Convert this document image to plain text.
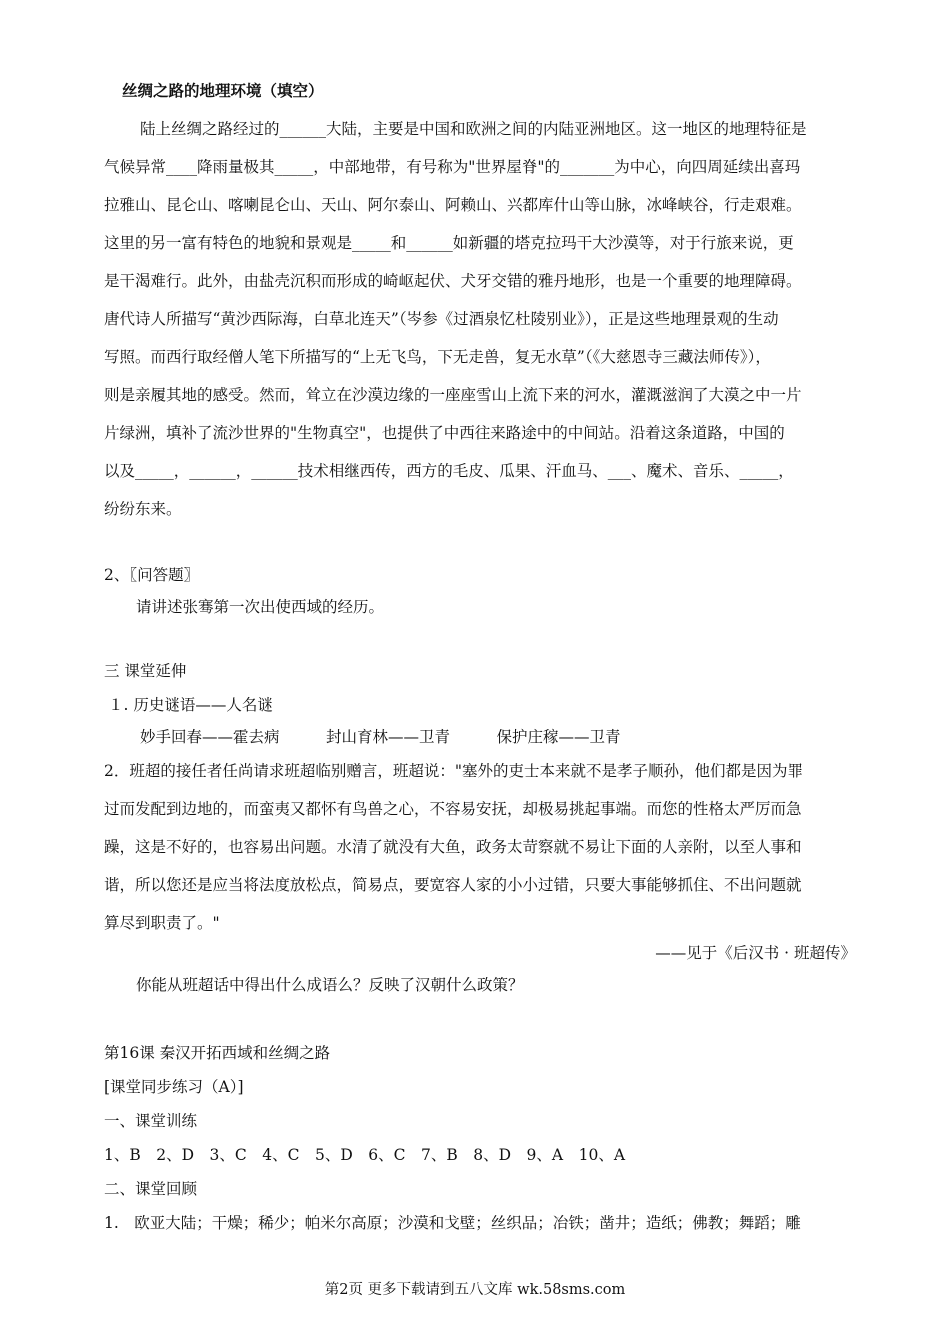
丝绸之路的地理环境（填空）
陆上丝绸之路经过的______大陆，主要是中国和欧洲之间的内陆亚洲地区。这一地区的地理特征是
气候异常____降雨量极其_____，中部地带，有号称为"世界屋脊"的_______为中心，向四周延续出喜玛
拉雅山、昆仑山、喀喇昆仑山、天山、阿尔泰山、阿赖山、兴都库什山等山脉，冰峰峡谷，行走艰难。
这里的另一富有特色的地貌和景观是_____和______如新疆的塔克拉玛干大沙漠等，对于行旅来说，更
是干渴难行。此外，由盐壳沉积而形成的崎岖起伏、犬牙交错的雅丹地形，也是一个重要的地理障碍。
唐代诗人所描写“黄沙西际海，白草北连天”（岑参《过酒泉忆杜陵别业》），正是这些地理景观的生动
写照。而西行取经僧人笔下所描写的“上无飞鸟，下无走兽，复无水草”（《大慈恩寺三藏法师传》），
则是亲履其地的感受。然而，耸立在沙漠边缘的一座座雪山上流下来的河水，灌溉滋润了大漠之中一片
片绿洲，填补了流沙世界的"生物真空"，也提供了中西往来路途中的中间站。沿着这条道路，中国的
以及_____，______，______技术相继西传，西方的毛皮、瓜果、汗血马、___、魔术、音乐、_____，
纷纷东来。
2、〖问答题〗
请讲述张骞第一次出使西域的经历。
三 课堂延伸
１. 历史谜语——人名谜
妙手回春——霍去病　　　封山育林——卫青　　　保护庄稼——卫青
2．班超的接任者任尚请求班超临别赠言，班超说："塞外的吏士本来就不是孝子顺孙，他们都是因为罪
过而发配到边地的，而蛮夷又都怀有鸟兽之心，不容易安抚，却极易挑起事端。而您的性格太严厉而急
躁，这是不好的，也容易出问题。水清了就没有大鱼，政务太苛察就不易让下面的人亲附，以至人事和
谐，所以您还是应当将法度放松点，简易点，要宽容人家的小小过错，只要大事能够抓住、不出问题就
算尽到职责了。"
——见于《后汉书 · 班超传》
你能从班超话中得出什么成语么？反映了汉朝什么政策？
第16课 秦汉开拓西域和丝绸之路
[课堂同步练习（A）]
一、课堂训练
1、B　2、D　3、C　4、C　5、D　6、C　7、B　8、D　9、A　10、A
二、课堂回顾
1.　欧亚大陆；干燥；稀少；帕米尔高原；沙漠和戈壁；丝织品；冶铁；凿井；造纸；佛教；舞蹈；雕
第2页 更多下载请到五八文库 wk.58sms.com
